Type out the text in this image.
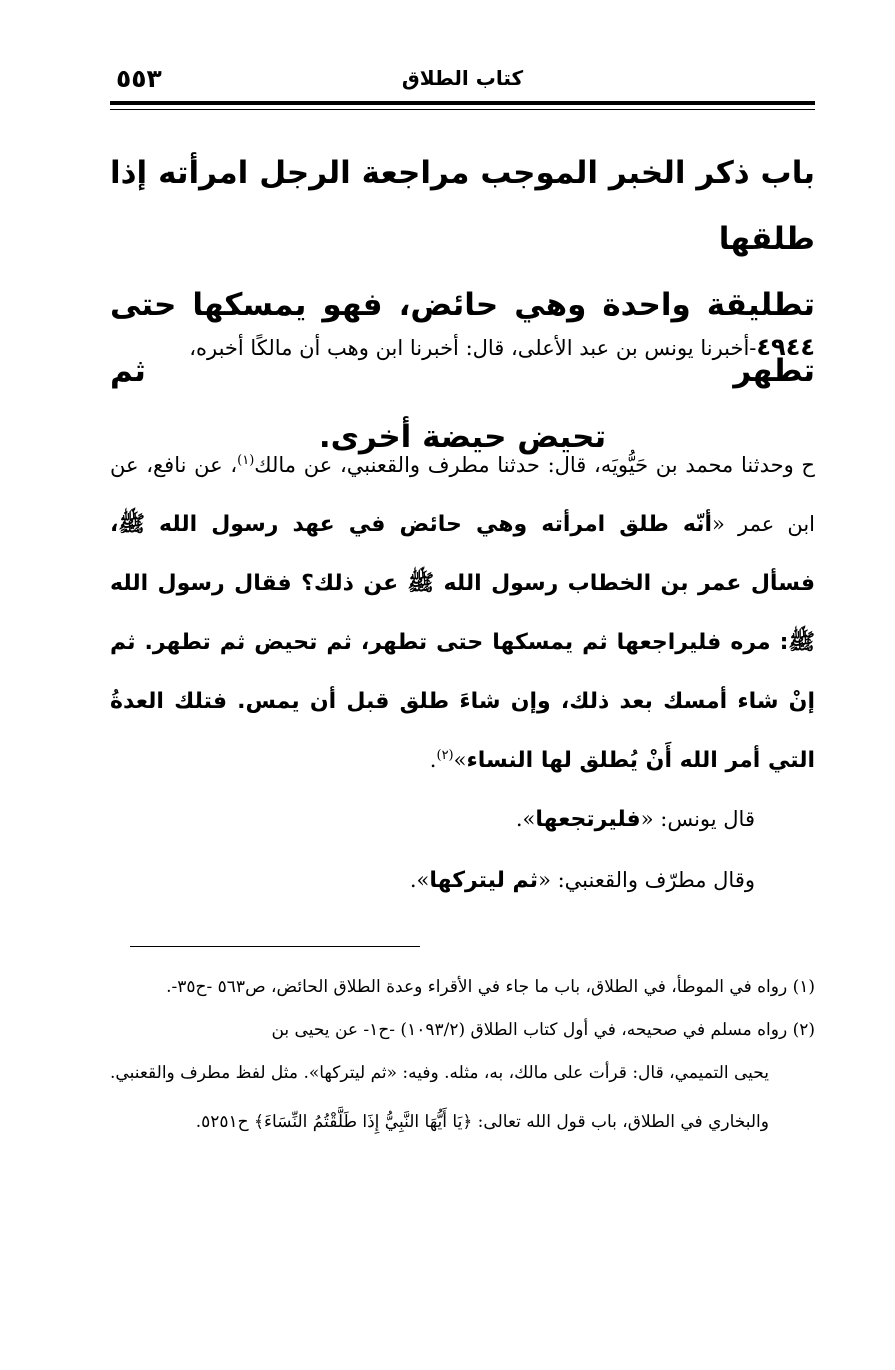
كتاب الطلاق
٥٥٣
باب ذكر الخبر الموجب مراجعة الرجل امرأته إذا طلقها
تطليقة واحدة وهي حائض، فهو يمسكها حتى تطهر ثم
تحيض حيضة أخرى.
٤٩٤٤-أخبرنا يونس بن عبد الأعلى، قال: أخبرنا ابن وهب أن مالكًا أخبره،
ح وحدثنا محمد بن حَيُّويَه، قال: حدثنا مطرف والقعنبي، عن مالك$^{(١)}$، عن نافع، عن ابن عمر «أنّه طلق امرأته وهي حائض في عهد رسول الله ﷺ، فسأل عمر بن الخطاب رسول الله ﷺ عن ذلك؟ فقال رسول الله ﷺ: مره فليراجعها ثم يمسكها حتى تطهر، ثم تحيض ثم تطهر. ثم إنْ شاء أمسك بعد ذلك، وإن شاءَ طلق قبل أن يمس. فتلك العدةُ التي أمر الله أَنْ يُطلق لها النساء»$^{(٢)}$.
قال يونس: «فليرتجعها».
وقال مطرّف والقعنبي: «ثم ليتركها».

(١) رواه في الموطأ، في الطلاق، باب ما جاء في الأقراء وعدة الطلاق الحائض، ص٥٦٣ -ح٣٥-.

(٢) رواه مسلم في صحيحه، في أول كتاب الطلاق (١٠٩٣/٢) -ح١- عن يحيى بن

يحيى التميمي، قال: قرأت على مالك، به، مثله. وفيه: «ثم ليتركها». مثل لفظ مطرف والقعنبي.

والبخاري في الطلاق، باب قول الله تعالى: ﴿يَا أَيُّهَا النَّبِيُّ إِذَا طَلَّقْتُمُ النِّسَاءَ﴾ ح٥٢٥١.
